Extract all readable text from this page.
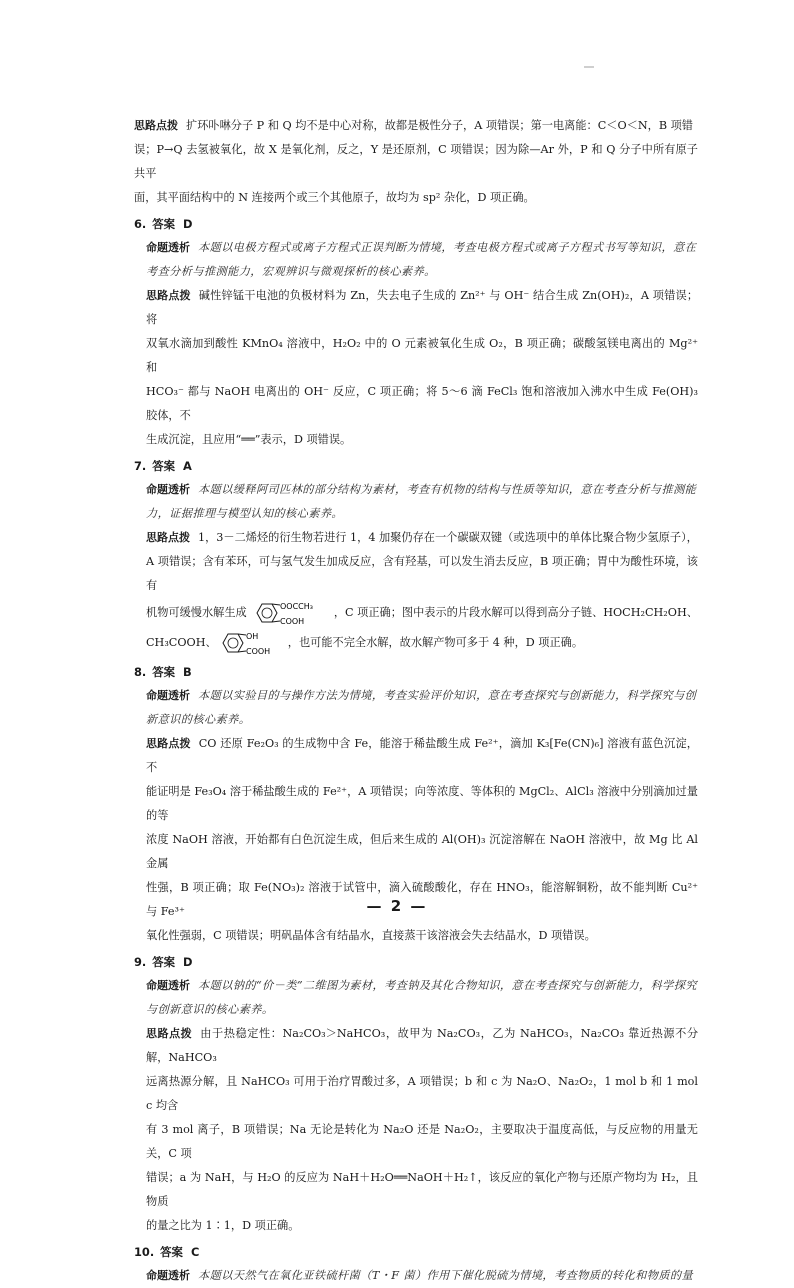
思路点拨 扩环卟啉分子 P 和 Q 均不是中心对称，故都是极性分子，A 项错误；第一电离能：C＜O＜N，B 项错

误；P→Q 去氢被氧化，故 X 是氧化剂，反之，Y 是还原剂，C 项错误；因为除—Ar 外，P 和 Q 分子中所有原子共平

面，其平面结构中的 N 连接两个或三个其他原子，故均为 sp² 杂化，D 项正确。

6. 答案 D

命题透析 本题以电极方程式或离子方程式正误判断为情境，考查电极方程式或离子方程式书写等知识，意在

考查分析与推测能力，宏观辨识与微观探析的核心素养。

思路点拨 碱性锌锰干电池的负极材料为 Zn，失去电子生成的 Zn²⁺ 与 OH⁻ 结合生成 Zn(OH)₂，A 项错误；将

双氧水滴加到酸性 KMnO₄ 溶液中，H₂O₂ 中的 O 元素被氧化生成 O₂，B 项正确；碳酸氢镁电离出的 Mg²⁺ 和

HCO₃⁻ 都与 NaOH 电离出的 OH⁻ 反应，C 项正确；将 5～6 滴 FeCl₃ 饱和溶液加入沸水中生成 Fe(OH)₃ 胶体，不

生成沉淀，且应用“══”表示，D 项错误。

7. 答案 A

命题透析 本题以缓释阿司匹林的部分结构为素材，考查有机物的结构与性质等知识，意在考查分析与推测能

力，证据推理与模型认知的核心素养。

思路点拨 1，3－二烯烃的衍生物若进行 1，4 加聚仍存在一个碳碳双键（或选项中的单体比聚合物少氢原子），

A 项错误；含有苯环，可与氢气发生加成反应，含有羟基，可以发生消去反应，B 项正确；胃中为酸性环境，该有

机物可缓慢水解生成	OOCCH₃
COOH
，C 项正确；图中表示的片段水解可以得到高分子链、HOCH₂CH₂OH、

CH₃COOH、	OH
COOH
，也可能不完全水解，故水解产物可多于 4 种，D 项正确。

8. 答案 B

命题透析 本题以实验目的与操作方法为情境，考查实验评价知识，意在考查探究与创新能力，科学探究与创

新意识的核心素养。

思路点拨 CO 还原 Fe₂O₃ 的生成物中含 Fe，能溶于稀盐酸生成 Fe²⁺，滴加 K₃[Fe(CN)₆] 溶液有蓝色沉淀，不

能证明是 Fe₃O₄ 溶于稀盐酸生成的 Fe²⁺，A 项错误；向等浓度、等体积的 MgCl₂、AlCl₃ 溶液中分别滴加过量的等

浓度 NaOH 溶液，开始都有白色沉淀生成，但后来生成的 Al(OH)₃ 沉淀溶解在 NaOH 溶液中，故 Mg 比 Al 金属

性强，B 项正确；取 Fe(NO₃)₂ 溶液于试管中，滴入硫酸酸化，存在 HNO₃，能溶解铜粉，故不能判断 Cu²⁺ 与 Fe³⁺

氧化性强弱，C 项错误；明矾晶体含有结晶水，直接蒸干该溶液会失去结晶水，D 项错误。

9. 答案 D

命题透析 本题以钠的“价－类”二维图为素材，考查钠及其化合物知识，意在考查探究与创新能力，科学探究

与创新意识的核心素养。

思路点拨 由于热稳定性：Na₂CO₃＞NaHCO₃，故甲为 Na₂CO₃，乙为 NaHCO₃，Na₂CO₃ 靠近热源不分解，NaHCO₃

远离热源分解，且 NaHCO₃ 可用于治疗胃酸过多，A 项错误；b 和 c 为 Na₂O、Na₂O₂，1 mol b 和 1 mol c 均含

有 3 mol 离子，B 项错误；Na 无论是转化为 Na₂O 还是 Na₂O₂，主要取决于温度高低，与反应物的用量无关，C 项

错误；a 为 NaH，与 H₂O 的反应为 NaH＋H₂O══NaOH＋H₂↑，该反应的氧化产物与还原产物均为 H₂，且物质

的量之比为 1∶1，D 项正确。

10. 答案 C

命题透析 本题以天然气在氧化亚铁硫杆菌（T・F 菌）作用下催化脱硫为情境，考查物质的转化和物质的量

— 2 —
